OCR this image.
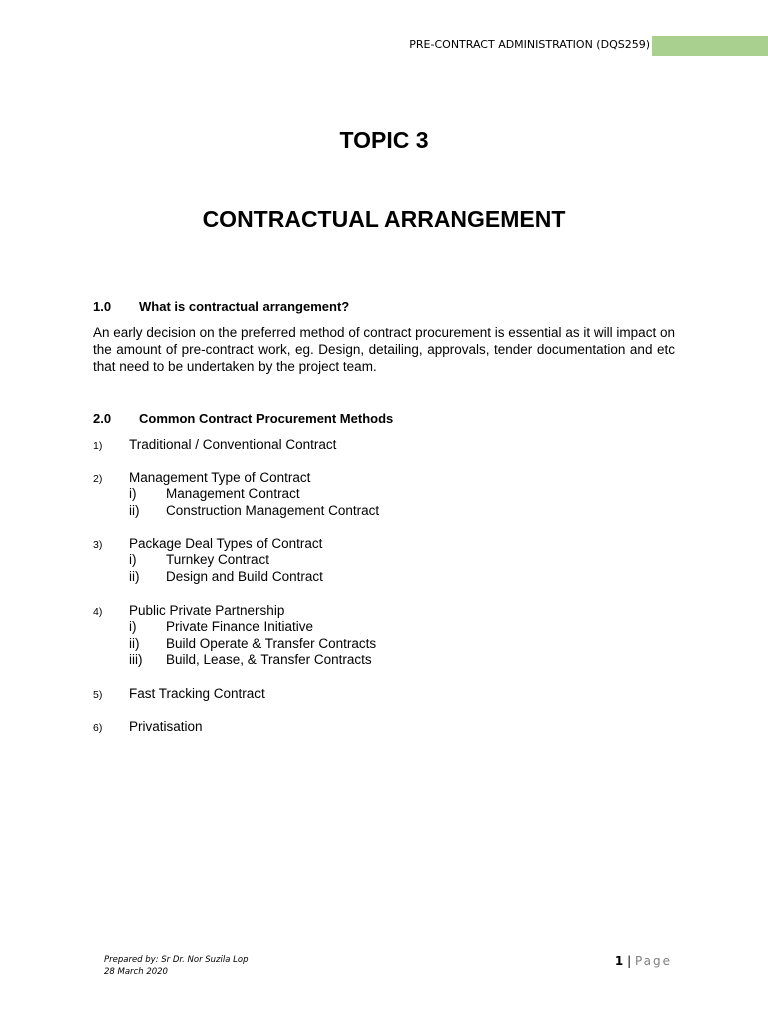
PRE-CONTRACT ADMINISTRATION (DQS259)
TOPIC 3
CONTRACTUAL ARRANGEMENT
1.0 What is contractual arrangement?
An early decision on the preferred method of contract procurement is essential as it will impact on the amount of pre-contract work, eg. Design, detailing, approvals, tender documentation and etc that need to be undertaken by the project team.
2.0 Common Contract Procurement Methods
1) Traditional / Conventional Contract
2) Management Type of Contract
i) Management Contract
ii) Construction Management Contract
3) Package Deal Types of Contract
i) Turnkey Contract
ii) Design and Build Contract
4) Public Private Partnership
i) Private Finance Initiative
ii) Build Operate & Transfer Contracts
iii) Build, Lease, & Transfer Contracts
5) Fast Tracking Contract
6) Privatisation
Prepared by: Sr Dr. Nor Suzila Lop
28 March 2020
1 | Page
